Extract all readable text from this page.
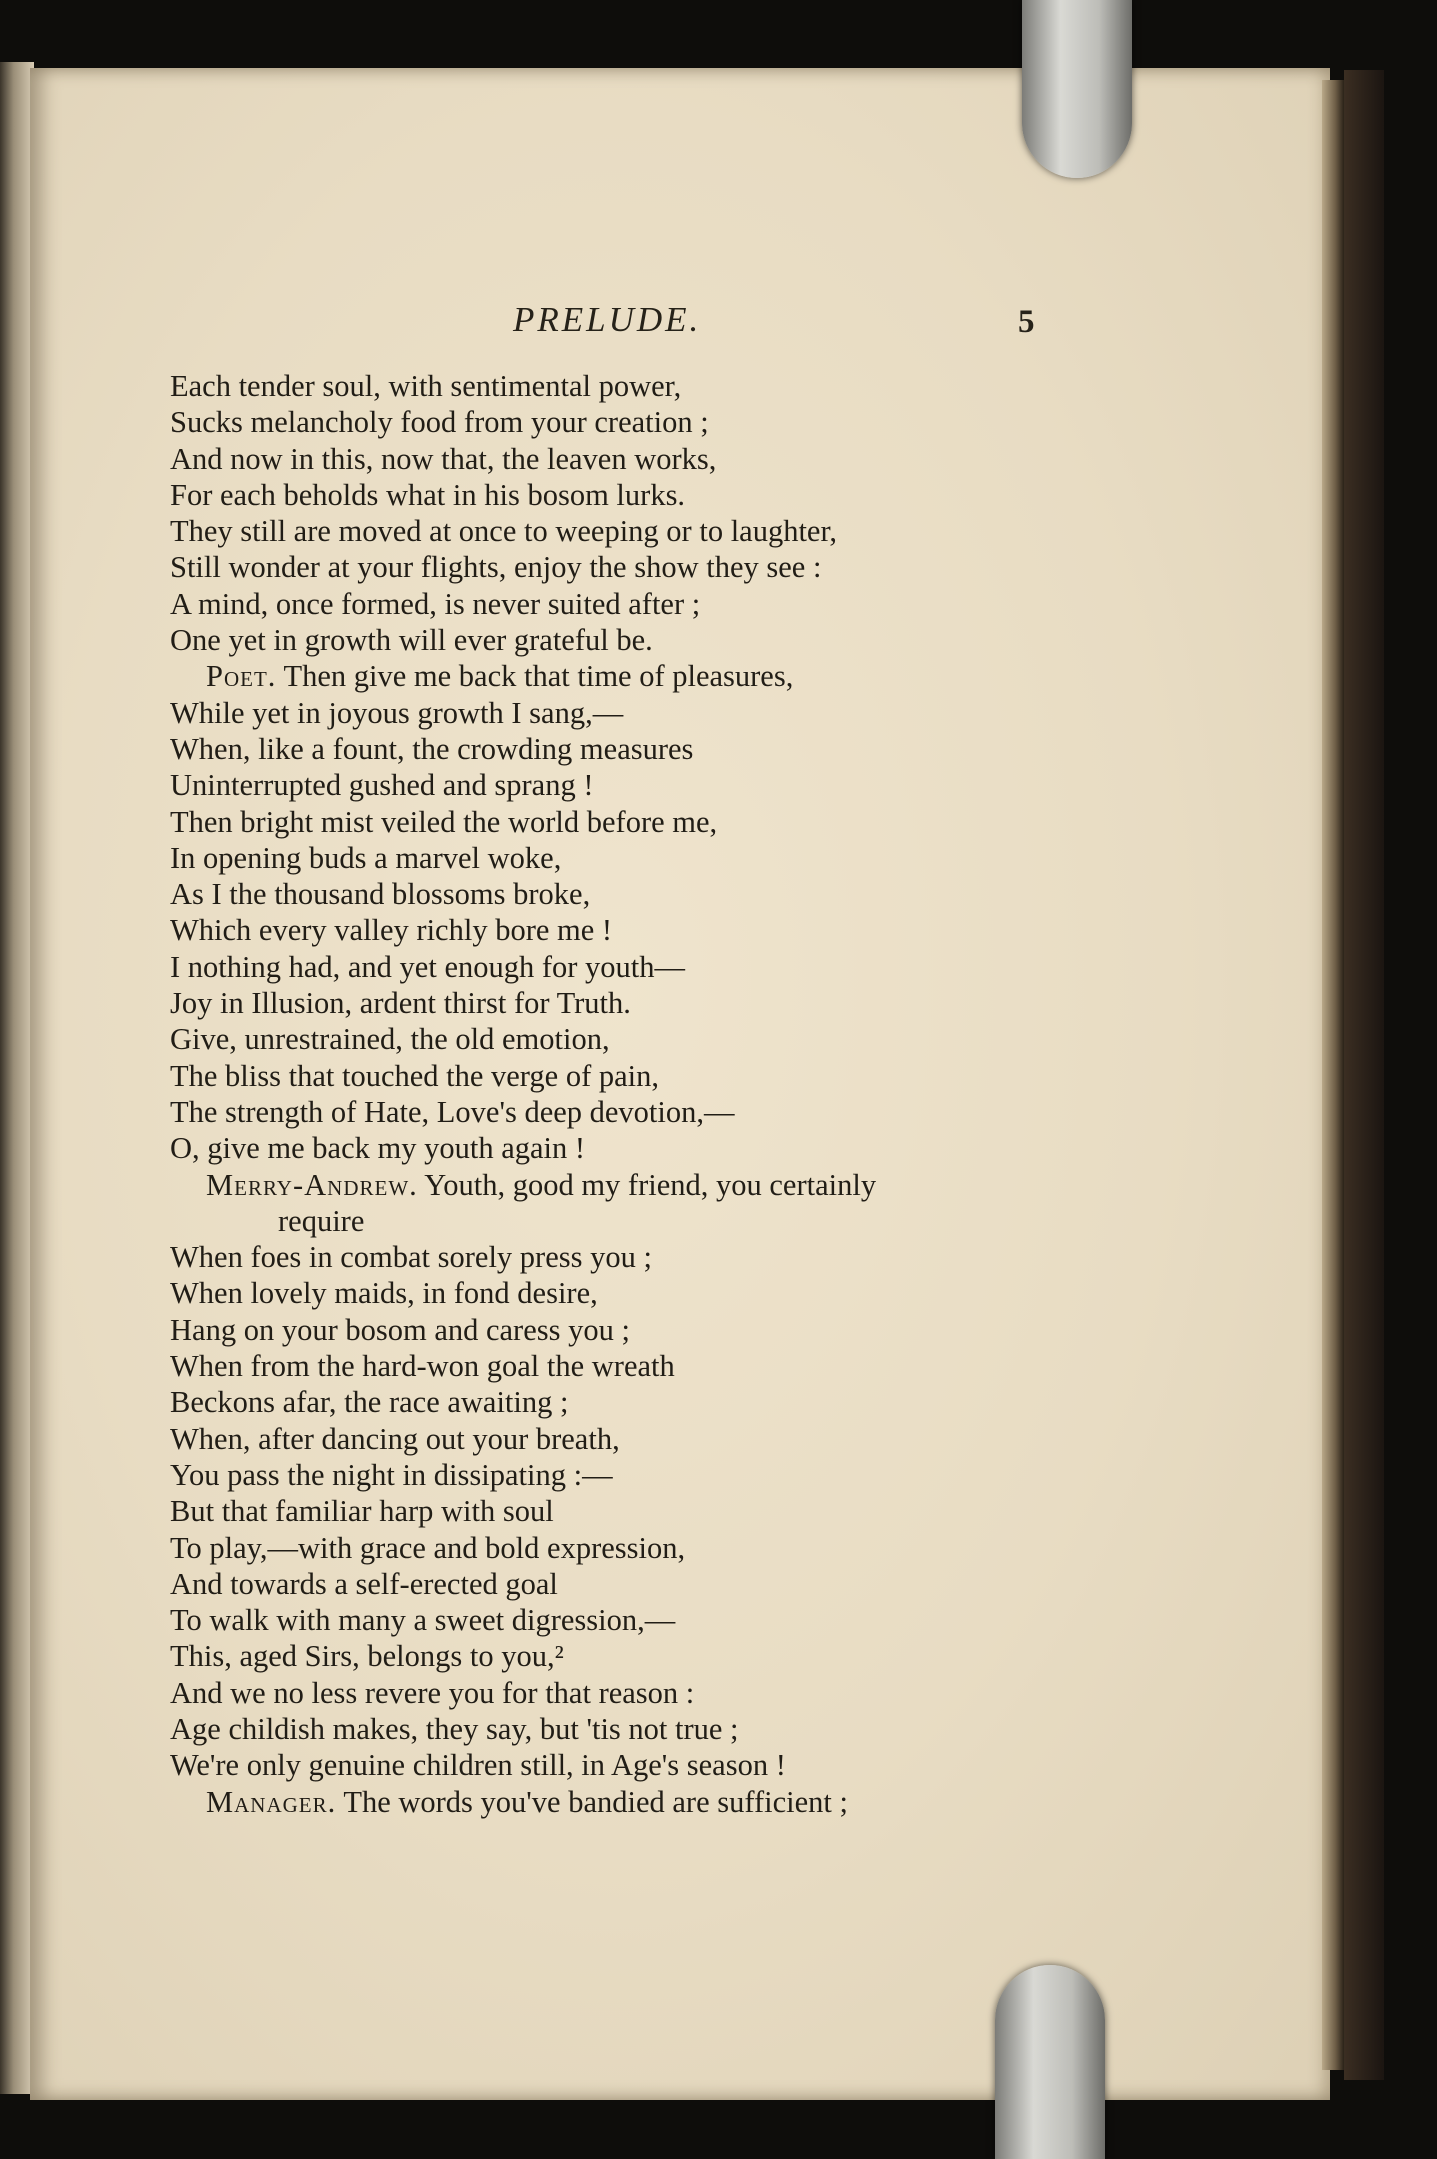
PRELUDE.	5
Each tender soul, with sentimental power,
Sucks melancholy food from your creation ;
And now in this, now that, the leaven works,
For each beholds what in his bosom lurks.
They still are moved at once to weeping or to laughter,
Still wonder at your flights, enjoy the show they see :
A mind, once formed, is never suited after ;
One yet in growth will ever grateful be.
Poet. Then give me back that time of pleasures,
While yet in joyous growth I sang,—
When, like a fount, the crowding measures
Uninterrupted gushed and sprang !
Then bright mist veiled the world before me,
In opening buds a marvel woke,
As I the thousand blossoms broke,
Which every valley richly bore me !
I nothing had, and yet enough for youth—
Joy in Illusion, ardent thirst for Truth.
Give, unrestrained, the old emotion,
The bliss that touched the verge of pain,
The strength of Hate, Love's deep devotion,—
O, give me back my youth again !
Merry-Andrew. Youth, good my friend, you certainly
require
When foes in combat sorely press you ;
When lovely maids, in fond desire,
Hang on your bosom and caress you ;
When from the hard-won goal the wreath
Beckons afar, the race awaiting ;
When, after dancing out your breath,
You pass the night in dissipating :—
But that familiar harp with soul
To play,—with grace and bold expression,
And towards a self-erected goal
To walk with many a sweet digression,—
This, aged Sirs, belongs to you,²
And we no less revere you for that reason :
Age childish makes, they say, but 'tis not true ;
We're only genuine children still, in Age's season !
Manager. The words you've bandied are sufficient ;
